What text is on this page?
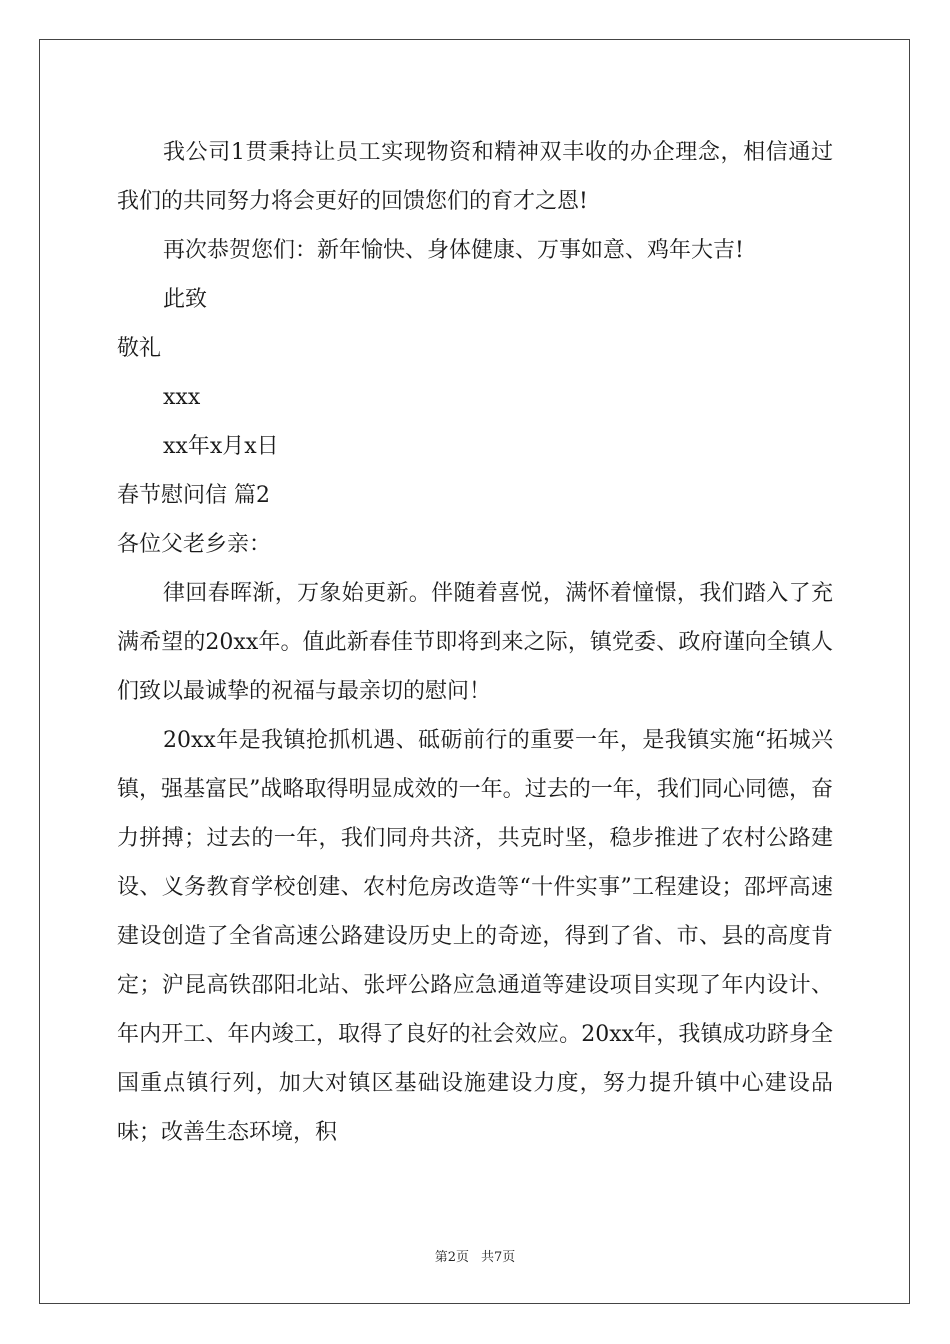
我公司1贯秉持让员工实现物资和精神双丰收的办企理念，相信通过我们的共同努力将会更好的回馈您们的育才之恩!

再次恭贺您们：新年愉快、身体健康、万事如意、鸡年大吉!

此致

敬礼

xxx

xx年x月x日

春节慰问信 篇2

各位父老乡亲：

律回春晖渐，万象始更新。伴随着喜悦，满怀着憧憬，我们踏入了充满希望的20xx年。值此新春佳节即将到来之际，镇党委、政府谨向全镇人们致以最诚挚的祝福与最亲切的慰问！

20xx年是我镇抢抓机遇、砥砺前行的重要一年，是我镇实施“拓城兴镇，强基富民”战略取得明显成效的一年。过去的一年，我们同心同德，奋力拼搏；过去的一年，我们同舟共济，共克时坚，稳步推进了农村公路建设、义务教育学校创建、农村危房改造等“十件实事”工程建设；邵坪高速建设创造了全省高速公路建设历史上的奇迹，得到了省、市、县的高度肯定；沪昆高铁邵阳北站、张坪公路应急通道等建设项目实现了年内设计、年内开工、年内竣工，取得了良好的社会效应。20xx年，我镇成功跻身全国重点镇行列，加大对镇区基础设施建设力度，努力提升镇中心建设品味；改善生态环境，积

第2页 共7页
